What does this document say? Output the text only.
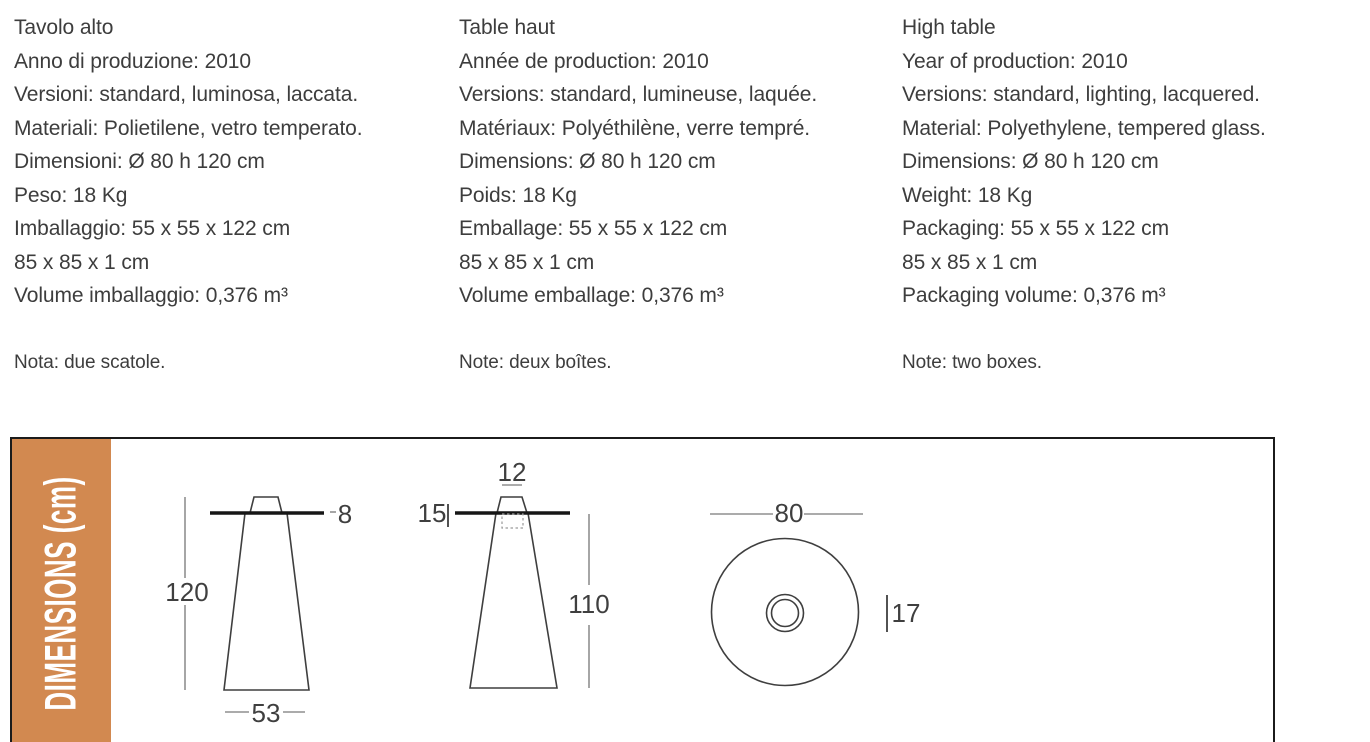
Tavolo alto
Anno di produzione: 2010
Versioni: standard, luminosa, laccata.
Materiali: Polietilene, vetro temperato.
Dimensioni: Ø 80 h 120 cm
Peso: 18 Kg
Imballaggio: 55 x 55 x 122 cm
85 x 85 x 1 cm
Volume imballaggio: 0,376 m³
Nota: due scatole.
Table haut
Année de production: 2010
Versions: standard, lumineuse, laquée.
Matériaux: Polyéthilène, verre tempré.
Dimensions: Ø 80 h 120 cm
Poids: 18 Kg
Emballage: 55 x 55 x 122 cm
85 x 85 x 1 cm
Volume emballage: 0,376 m³
Note: deux boîtes.
High table
Year of production: 2010
Versions: standard, lighting, lacquered.
Material: Polyethylene, tempered glass.
Dimensions: Ø 80 h 120 cm
Weight: 18 Kg
Packaging: 55 x 55 x 122 cm
85 x 85 x 1 cm
Packaging volume: 0,376 m³
Note: two boxes.
DIMENSIONS (cm)	120
8
53
12
15
110
80
17
